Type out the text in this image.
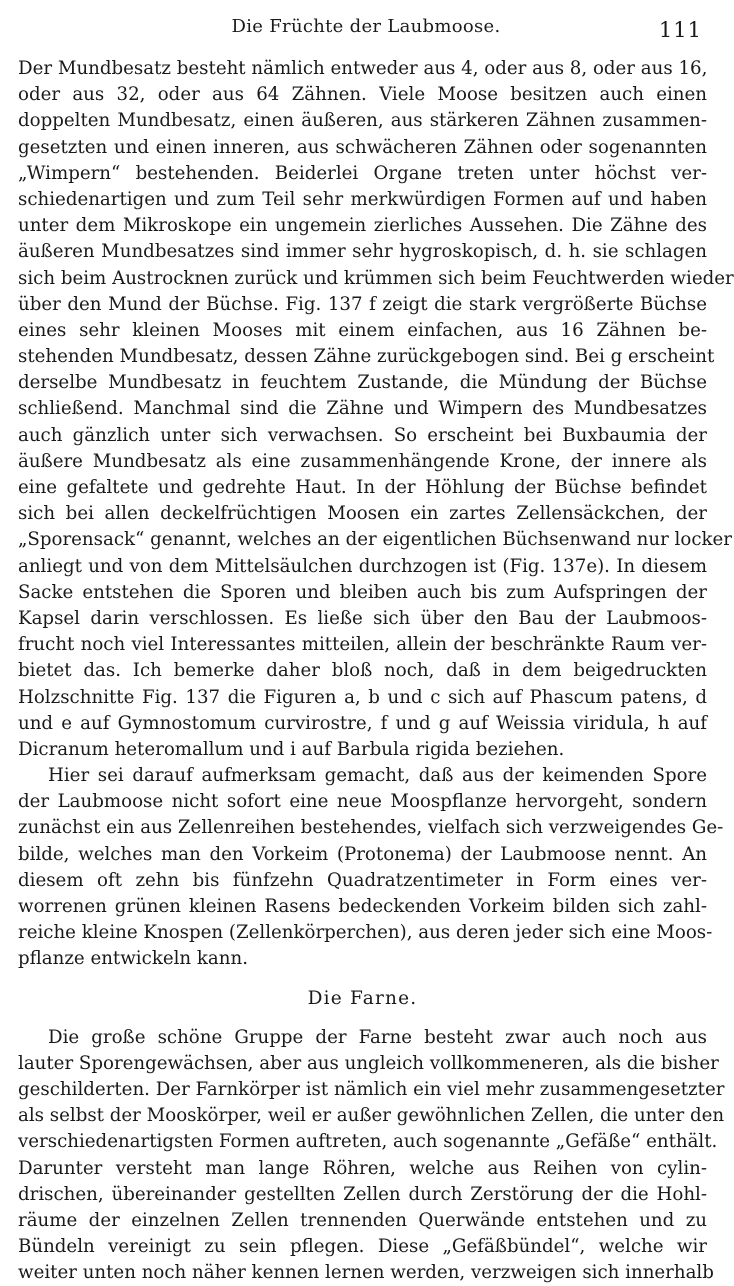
Die Früchte der Laubmoose.	111
Der Mundbesatz besteht nämlich entweder aus 4, oder aus 8, oder aus 16,
oder aus 32, oder aus 64 Zähnen. Viele Moose besitzen auch einen
doppelten Mundbesatz, einen äußeren, aus stärkeren Zähnen zusammen-
gesetzten und einen inneren, aus schwächeren Zähnen oder sogenannten
„Wimpern“ bestehenden. Beiderlei Organe treten unter höchst ver-
schiedenartigen und zum Teil sehr merkwürdigen Formen auf und haben
unter dem Mikroskope ein ungemein zierliches Aussehen. Die Zähne des
äußeren Mundbesatzes sind immer sehr hygroskopisch, d. h. sie schlagen
sich beim Austrocknen zurück und krümmen sich beim Feuchtwerden wieder
über den Mund der Büchse. Fig. 137 f zeigt die stark vergrößerte Büchse
eines sehr kleinen Mooses mit einem einfachen, aus 16 Zähnen be-
stehenden Mundbesatz, dessen Zähne zurückgebogen sind. Bei g erscheint
derselbe Mundbesatz in feuchtem Zustande, die Mündung der Büchse
schließend. Manchmal sind die Zähne und Wimpern des Mundbesatzes
auch gänzlich unter sich verwachsen. So erscheint bei Buxbaumia der
äußere Mundbesatz als eine zusammenhängende Krone, der innere als
eine gefaltete und gedrehte Haut. In der Höhlung der Büchse befindet
sich bei allen deckelfrüchtigen Moosen ein zartes Zellensäckchen, der
„Sporensack“ genannt, welches an der eigentlichen Büchsenwand nur locker
anliegt und von dem Mittelsäulchen durchzogen ist (Fig. 137e). In diesem
Sacke entstehen die Sporen und bleiben auch bis zum Aufspringen der
Kapsel darin verschlossen. Es ließe sich über den Bau der Laubmoos-
frucht noch viel Interessantes mitteilen, allein der beschränkte Raum ver-
bietet das. Ich bemerke daher bloß noch, daß in dem beigedruckten
Holzschnitte Fig. 137 die Figuren a, b und c sich auf Phascum patens, d
und e auf Gymnostomum curvirostre, f und g auf Weissia viridula, h auf
Dicranum heteromallum und i auf Barbula rigida beziehen.
Hier sei darauf aufmerksam gemacht, daß aus der keimenden Spore
der Laubmoose nicht sofort eine neue Moospflanze hervorgeht, sondern
zunächst ein aus Zellenreihen bestehendes, vielfach sich verzweigendes Ge-
bilde, welches man den Vorkeim (Protonema) der Laubmoose nennt. An
diesem oft zehn bis fünfzehn Quadratzentimeter in Form eines ver-
worrenen grünen kleinen Rasens bedeckenden Vorkeim bilden sich zahl-
reiche kleine Knospen (Zellenkörperchen), aus deren jeder sich eine Moos-
pflanze entwickeln kann.
Die Farne.
Die große schöne Gruppe der Farne besteht zwar auch noch aus
lauter Sporengewächsen, aber aus ungleich vollkommeneren, als die bisher
geschilderten. Der Farnkörper ist nämlich ein viel mehr zusammengesetzter
als selbst der Mooskörper, weil er außer gewöhnlichen Zellen, die unter den
verschiedenartigsten Formen auftreten, auch sogenannte „Gefäße“ enthält.
Darunter versteht man lange Röhren, welche aus Reihen von cylin-
drischen, übereinander gestellten Zellen durch Zerstörung der die Hohl-
räume der einzelnen Zellen trennenden Querwände entstehen und zu
Bündeln vereinigt zu sein pflegen. Diese „Gefäßbündel“, welche wir
weiter unten noch näher kennen lernen werden, verzweigen sich innerhalb
